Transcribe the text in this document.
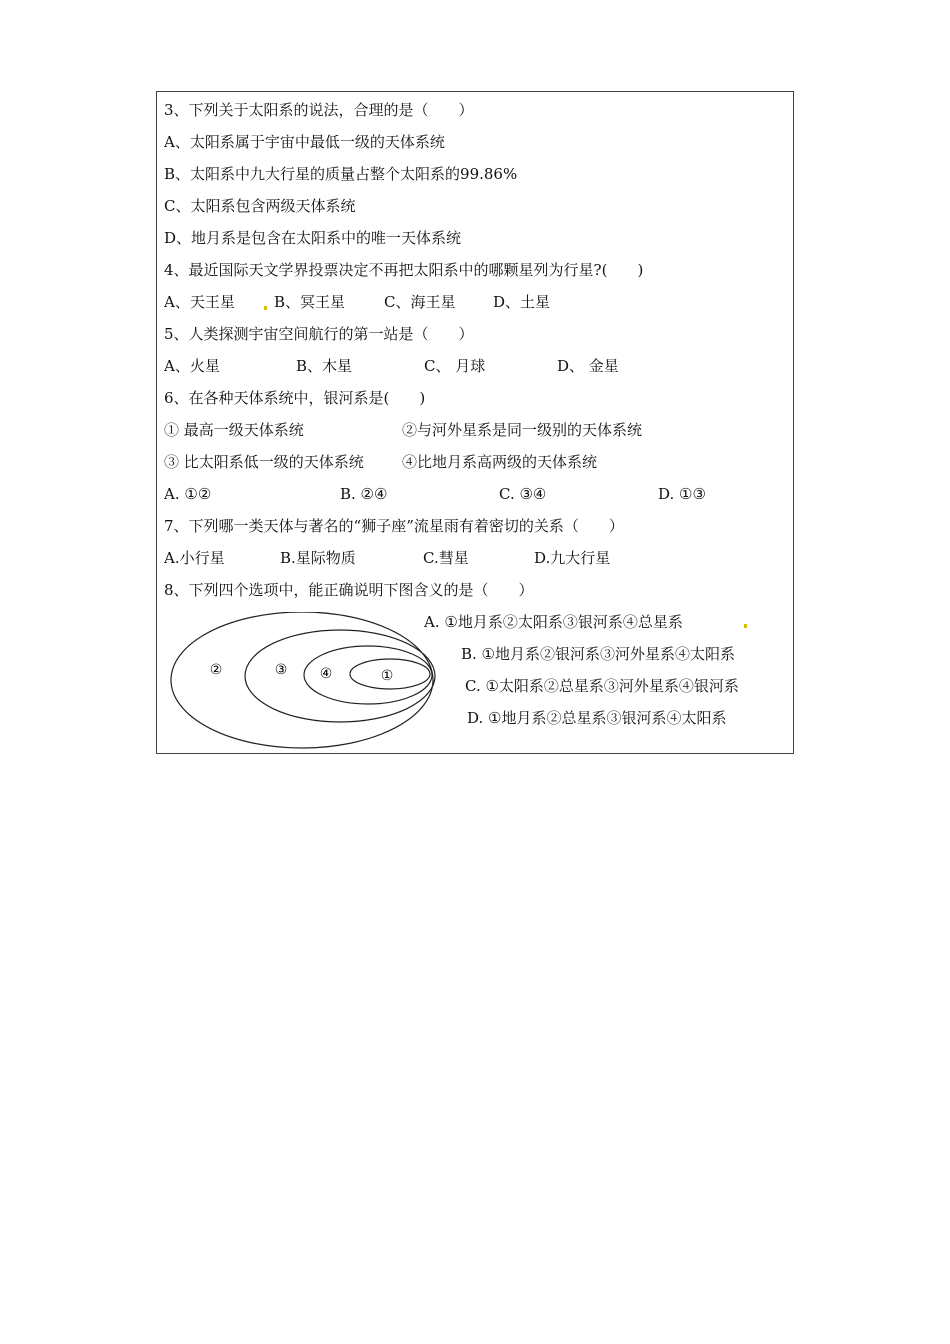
3、下列关于太阳系的说法，合理的是（　　）
A、太阳系属于宇宙中最低一级的天体系统
B、太阳系中九大行星的质量占整个太阳系的99.86%
C、太阳系包含两级天体系统
D、地月系是包含在太阳系中的唯一天体系统
4、最近国际天文学界投票决定不再把太阳系中的哪颗星列为行星?(　　)
A、天王星	B、冥王星	C、海王星	D、土星
5、人类探测宇宙空间航行的第一站是（　　）
A、火星	B、木星	C、 月球	D、 金星
6、在各种天体系统中，银河系是(　　)
① 最高一级天体系统	②与河外星系是同一级别的天体系统
③ 比太阳系低一级的天体系统	④比地月系高两级的天体系统
A. ①②	B. ②④	C. ③④	D. ①③
7、下列哪一类天体与著名的“狮子座”流星雨有着密切的关系（　　）
A.小行星	B.星际物质	C.彗星	D.九大行星
8、下列四个选项中，能正确说明下图含义的是（　　）
A. ①地月系②太阳系③银河系④总星系
B. ①地月系②银河系③河外星系④太阳系
C. ①太阳系②总星系③河外星系④银河系
D. ①地月系②总星系③银河系④太阳系
②	③ ④	①
